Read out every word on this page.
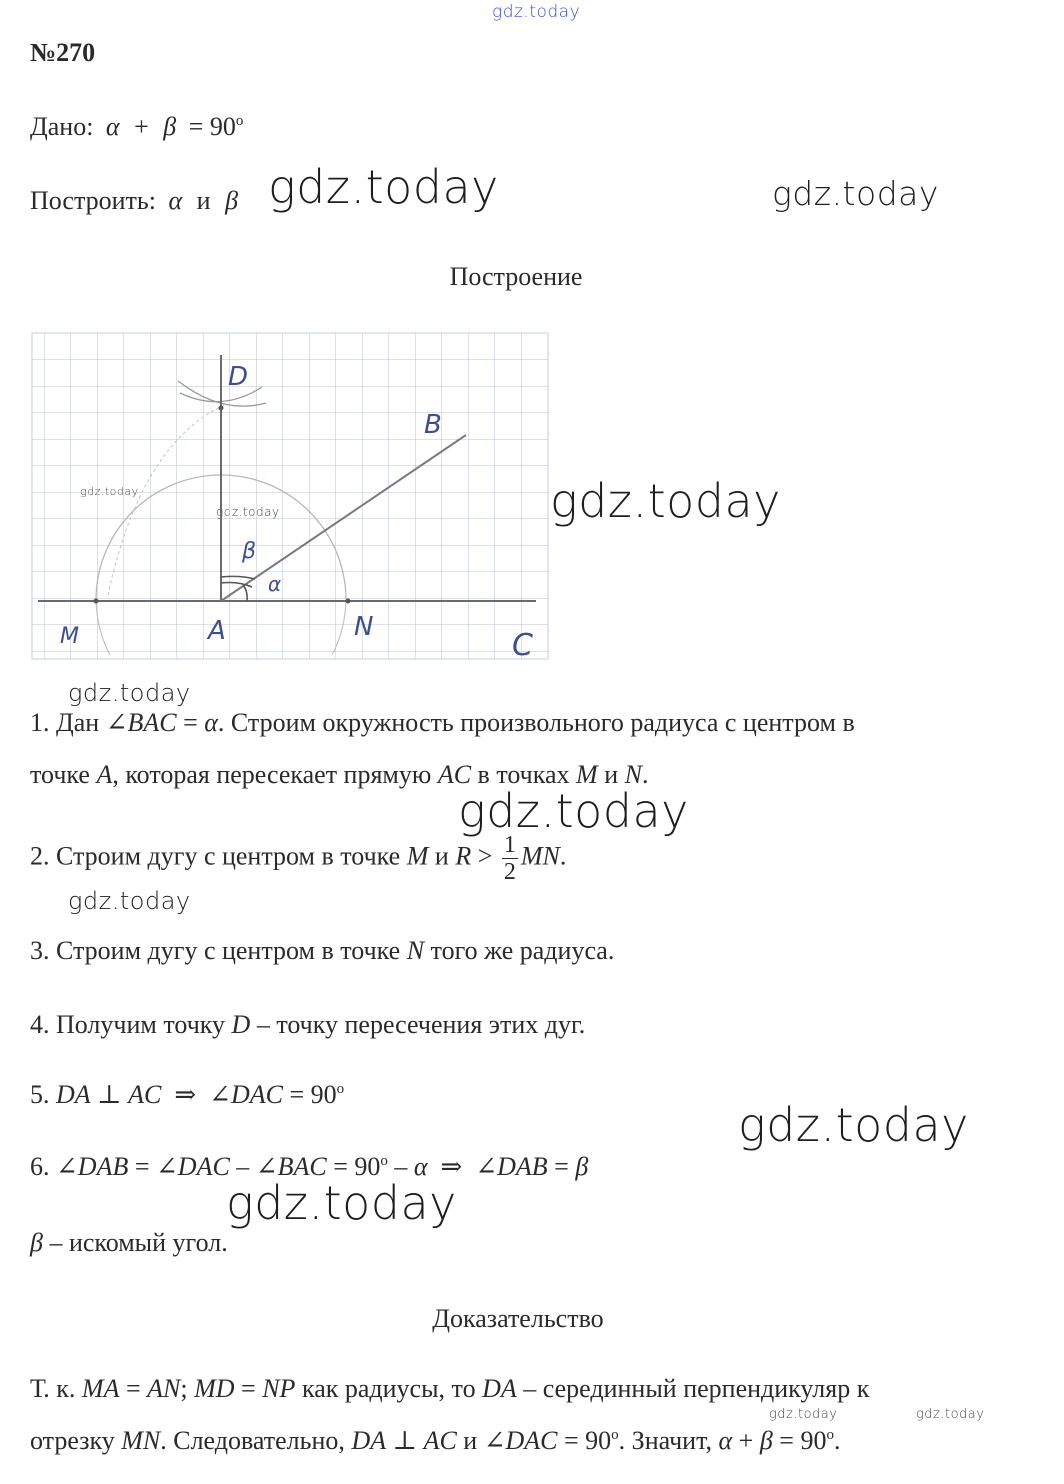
gdz.today
gdz.today	gdz.today
gdz.today
gdz.today
gdz.today
gdz.today
gdz.today
gdz.today
gdz.today	gdz.today
№270
Дано: $\alpha + \beta = 90^o$
Построить: α и β
Построение
D
B
β
α
M	A	N
C
1. Дан ∠BAC = α. Строим окружность произвольного радиуса с центром в
точке A, которая пересекает прямую AC в точках M и N.
2. Строим дугу с центром в точке M и $R > \frac{1}{2}$ MN.
3. Строим дугу с центром в точке N того же радиуса.
4. Получим точку D – точку пересечения этих дуг.
5. DA ⊥ AC  ⇒  ∠DAC = $90^o$
6. ∠DAB = ∠DAC – ∠BAC = $90^o$ – α  ⇒  ∠DAB = β
β – искомый угол.
Доказательство
Т. к. MA = AN; MD = NP как радиусы, то DA – серединный перпендикуляр к
отрезку MN. Следовательно, DA ⊥ AC и ∠DAC = $90^o$. Значит, $\alpha + \beta = 90^o$.
